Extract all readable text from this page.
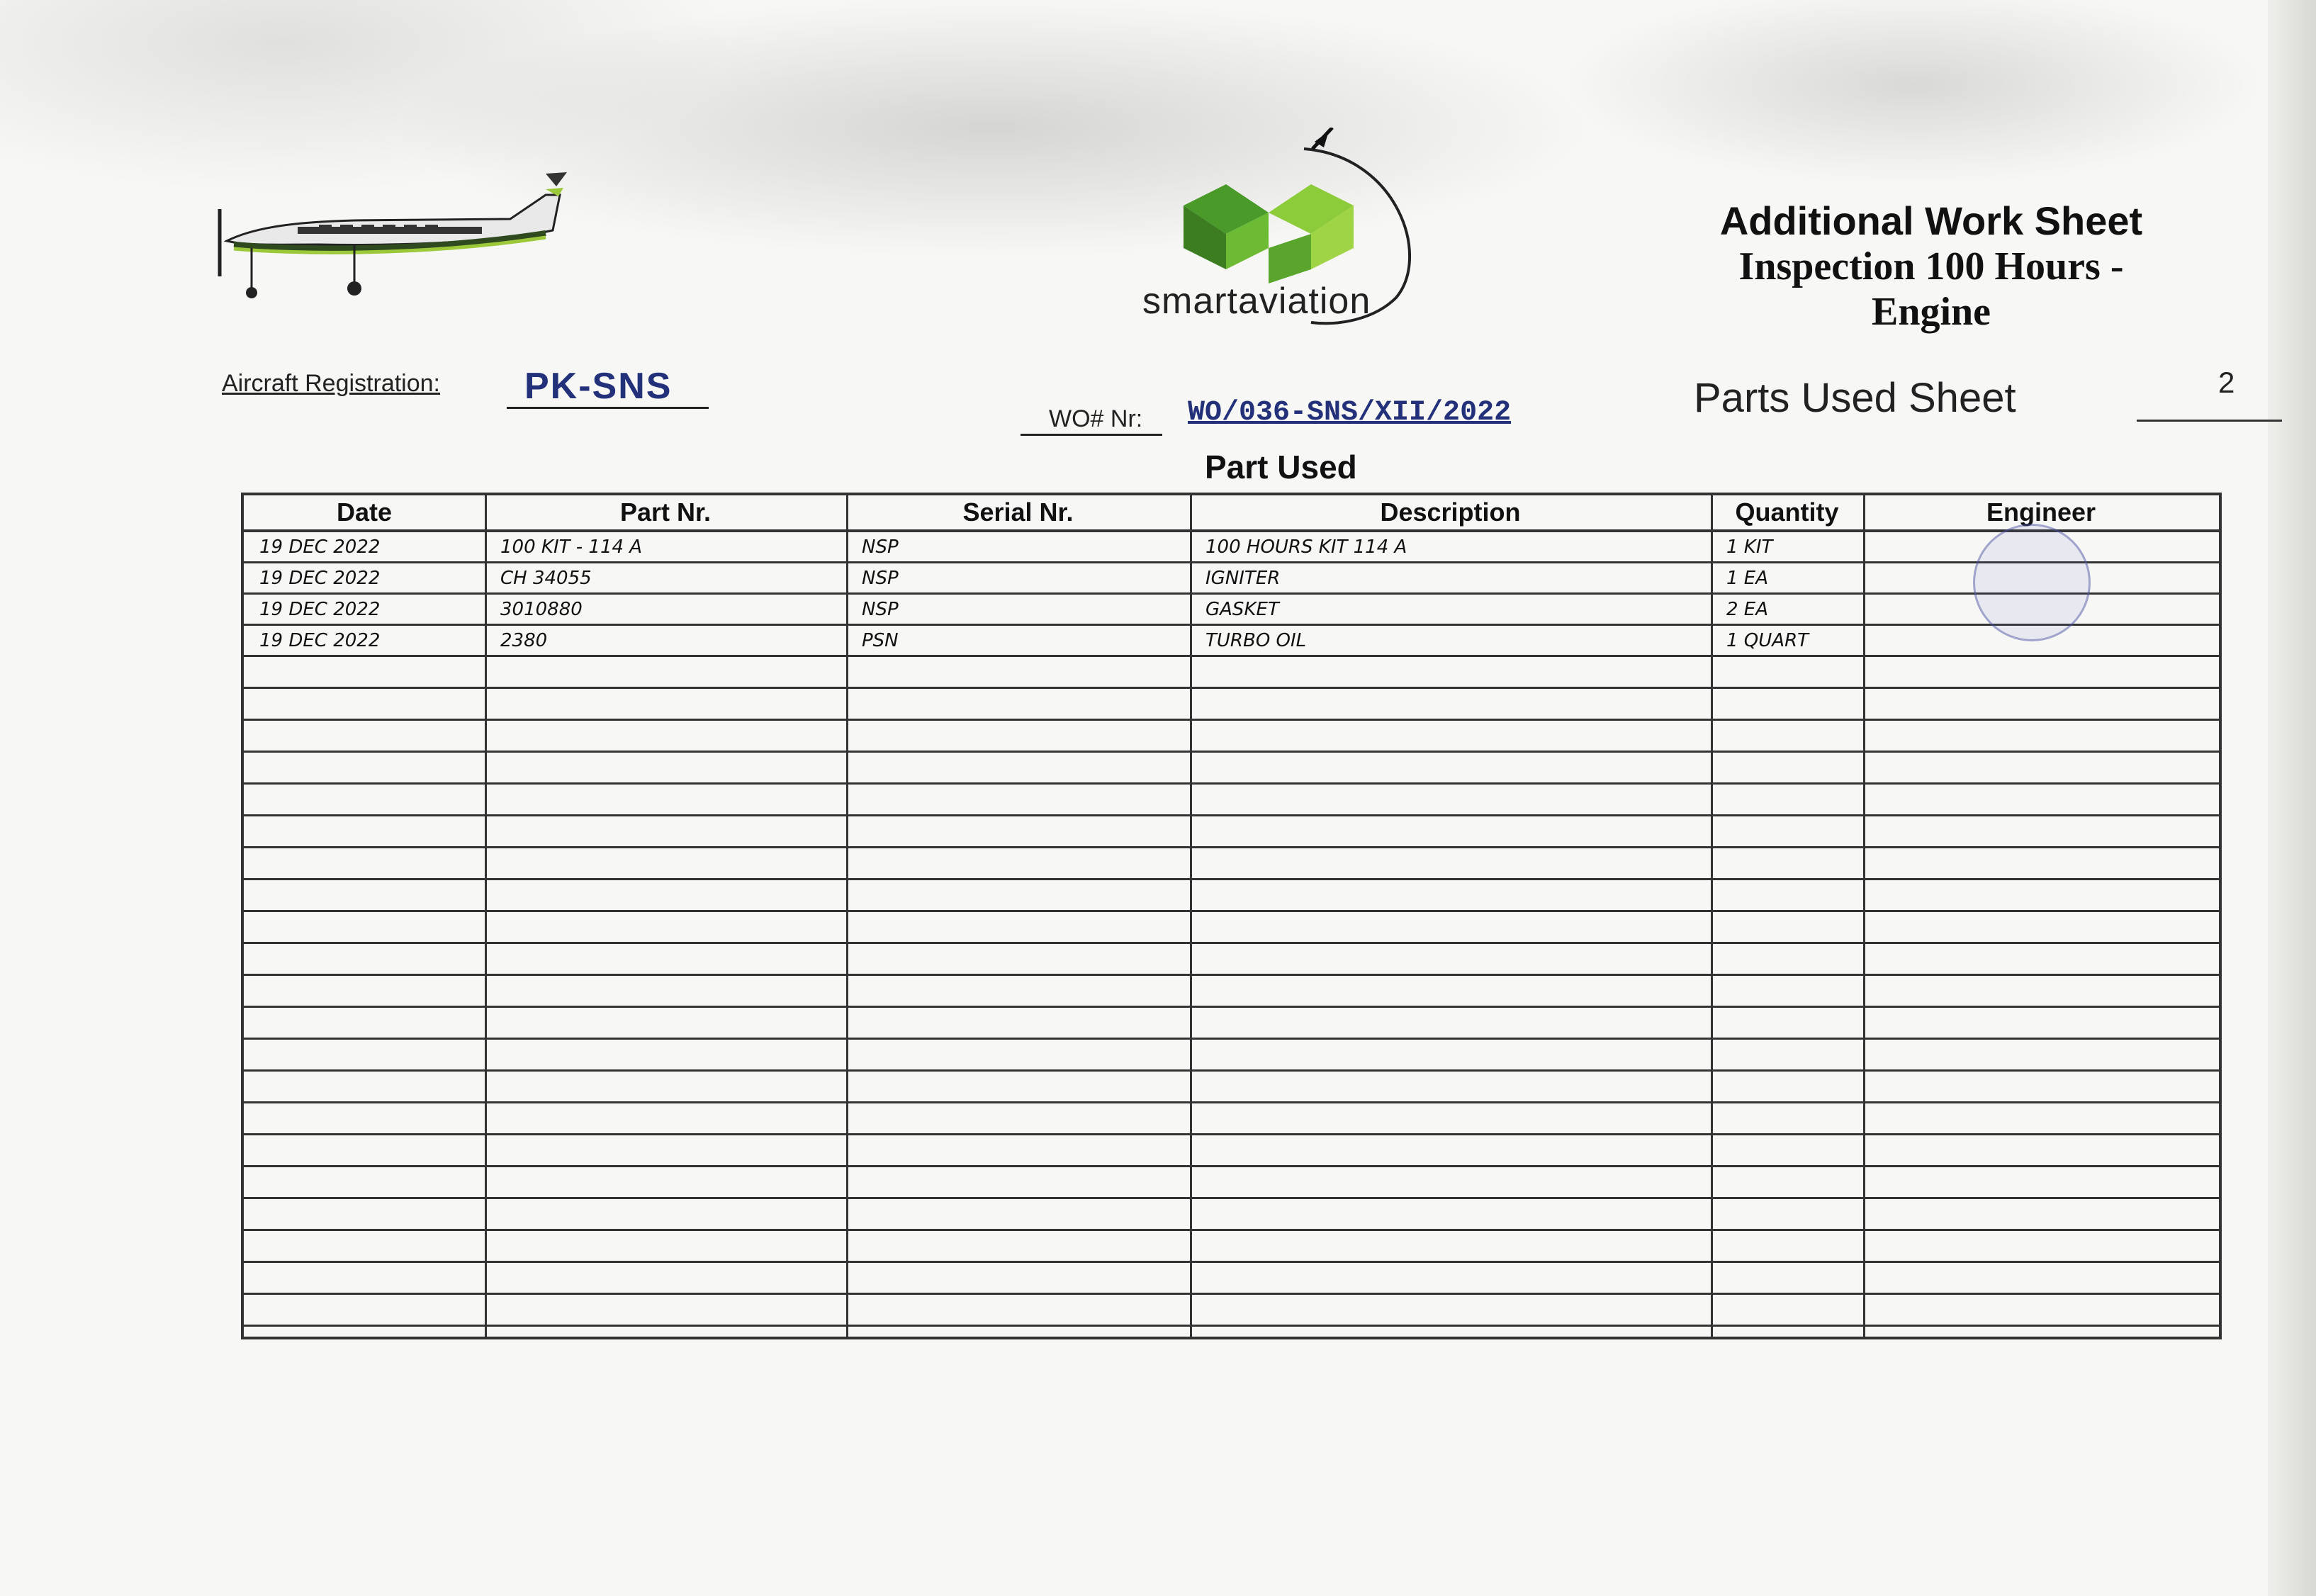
smartaviation
Additional Work Sheet
Inspection 100 Hours -
Engine
Aircraft Registration: PK-SNS
WO# Nr: WO/036-SNS/XII/2022	Parts Used Sheet	2
Part Used
Date	Part Nr.	Serial Nr.	Description	Quantity	Engineer
19 DEC 2022	100 KIT - 114 A	NSP	100 HOURS KIT 114 A	1 KIT
19 DEC 2022	CH 34055	NSP	IGNITER	1 EA
19 DEC 2022	3010880	NSP	GASKET	2 EA
19 DEC 2022	2380	PSN	TURBO OIL	1 QUART
